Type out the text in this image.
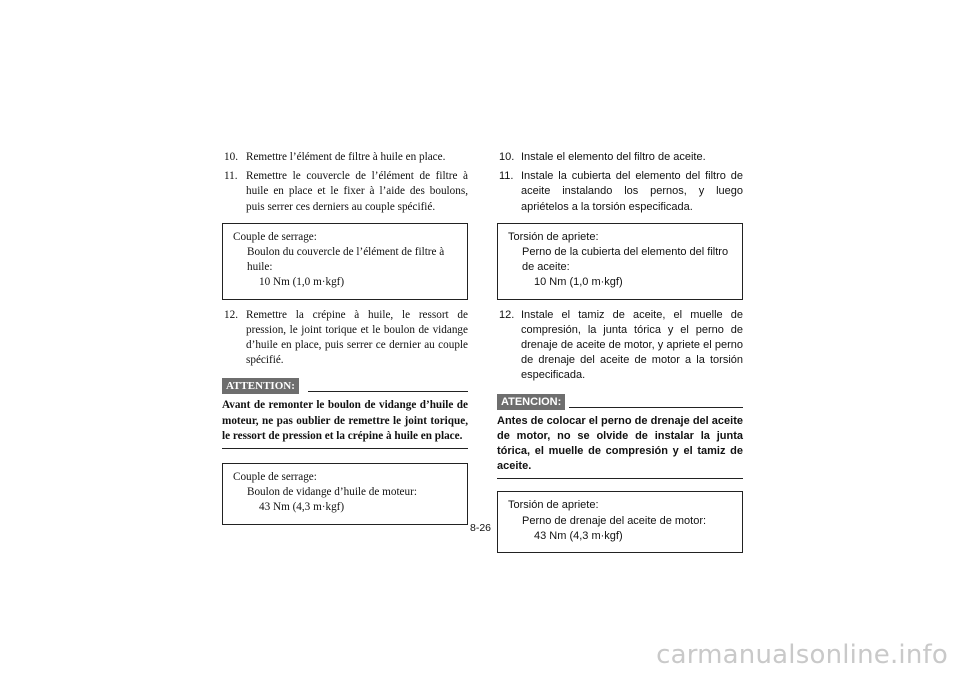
10. Remettre l’élément de filtre à huile en place.
11. Remettre le couvercle de l’élément de filtre à huile en place et le fixer à l’aide des boulons, puis serrer ces derniers au couple spécifié.
Couple de serrage:
Boulon du couvercle de l’élément de filtre à huile:
10 Nm (1,0 m·kgf)
12. Remettre la crépine à huile, le ressort de pression, le joint torique et le boulon de vidange d’huile en place, puis serrer ce dernier au couple spécifié.
ATTENTION:
Avant de remonter le boulon de vidange d’huile de moteur, ne pas oublier de remettre le joint torique, le ressort de pression et la crépine à huile en place.
Couple de serrage:
Boulon de vidange d’huile de moteur:
43 Nm (4,3 m·kgf)
10. Instale el elemento del filtro de aceite.
11. Instale la cubierta del elemento del filtro de aceite instalando los pernos, y luego apriételos a la torsión especificada.
Torsión de apriete:
Perno de la cubierta del elemento del filtro de aceite:
10 Nm (1,0 m·kgf)
12. Instale el tamiz de aceite, el muelle de compresión, la junta tórica y el perno de drenaje de aceite de motor, y apriete el perno de drenaje del aceite de motor a la torsión especificada.
ATENCION:
Antes de colocar el perno de drenaje del aceite de motor, no se olvide de instalar la junta tórica, el muelle de compresión y el tamiz de aceite.
Torsión de apriete:
Perno de drenaje del aceite de motor:
43 Nm (4,3 m·kgf)
8-26
carmanualsonline.info
